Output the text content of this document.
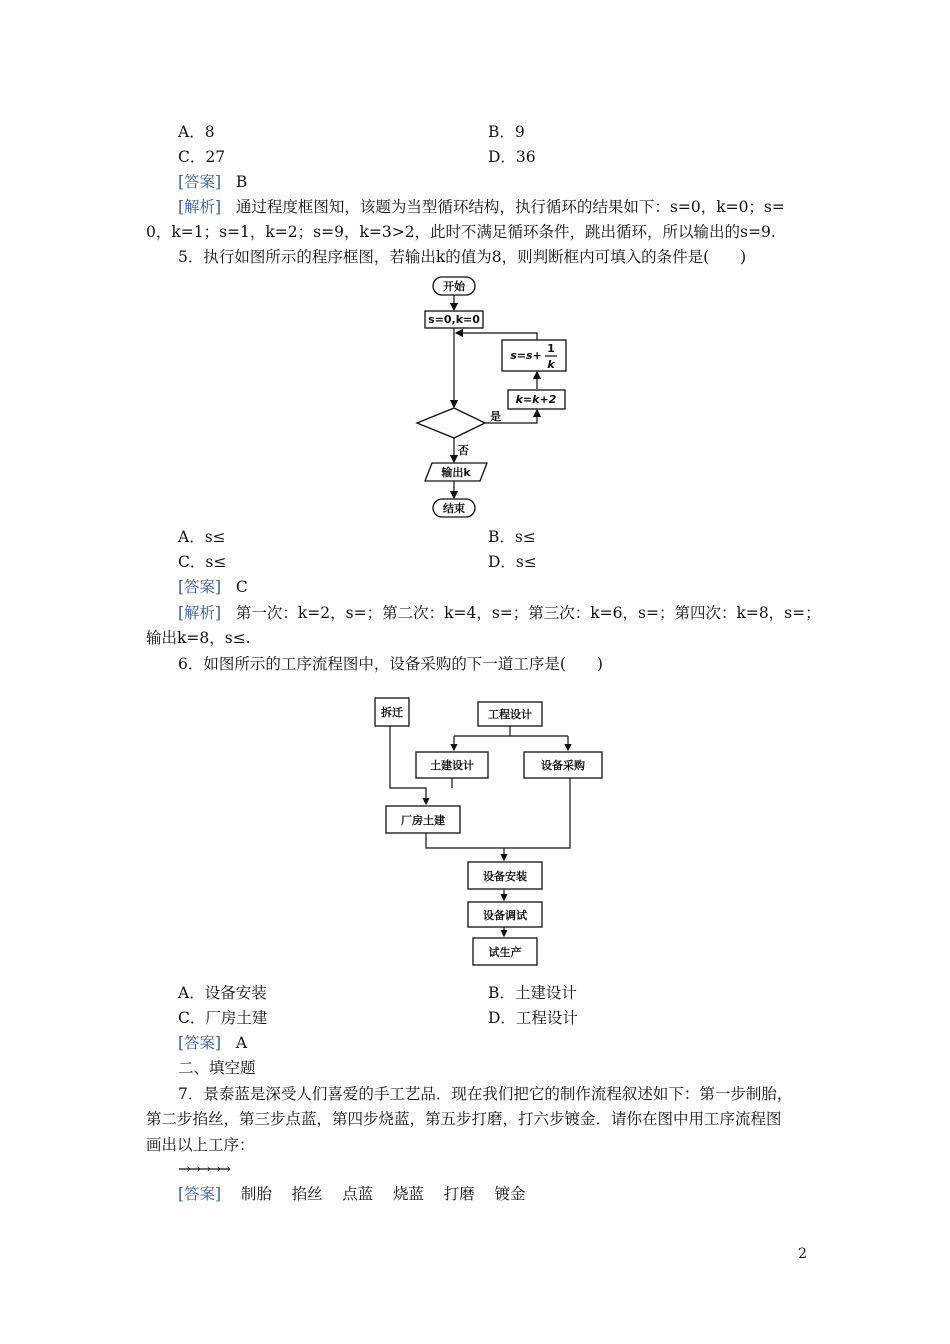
A．8	B．9
C．27	D．36
[答案] B
[解析] 通过程度框图知，该题为当型循环结构，执行循环的结果如下：s=0，k=0；s=
0，k=1；s=1，k=2；s=9，k=3>2，此时不满足循环条件，跳出循环，所以输出的s=9.
5．执行如图所示的程序框图，若输出k的值为8，则判断框内可填入的条件是(　　)
开始
s=0,k=0
s=s+
1
k
k=k+2
是
否
输出k
结束
A．s≤	B．s≤
C．s≤	D．s≤
[答案] C
[解析] 第一次：k=2，s=；第二次：k=4，s=；第三次：k=6，s=；第四次：k=8，s=；
输出k=8，s≤.
6．如图所示的工序流程图中，设备采购的下一道工序是(　　)
拆迁	工程设计
土建设计	设备采购
厂房土建
设备安装
设备调试
试生产
A．设备安装	B．土建设计
C．厂房土建	D．工程设计
[答案] A
二、填空题
7．景泰蓝是深受人们喜爱的手工艺品．现在我们把它的制作流程叙述如下：第一步制胎，
第二步掐丝，第三步点蓝，第四步烧蓝，第五步打磨，打六步镀金．请你在图中用工序流程图
画出以上工序：
→→→→→
[答案] 制胎 掐丝 点蓝 烧蓝 打磨 镀金
2
